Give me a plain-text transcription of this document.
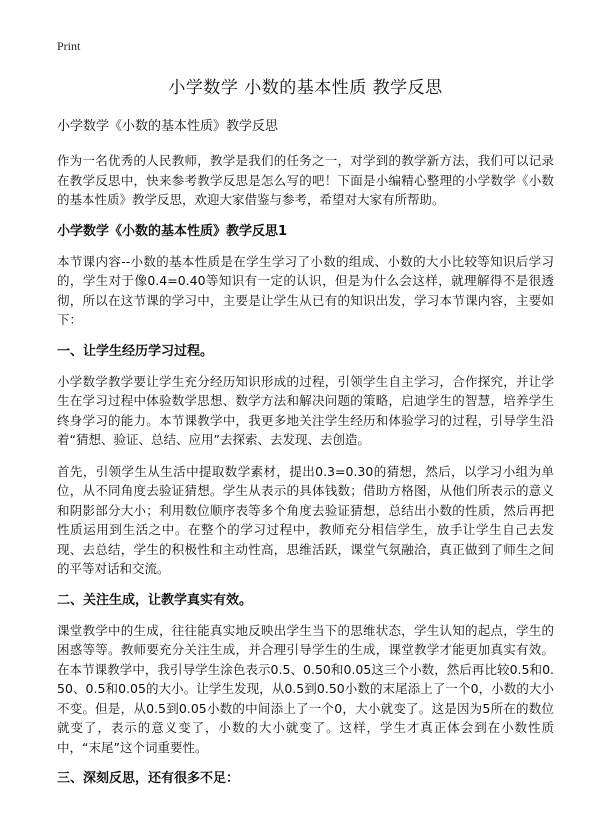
Print
小学数学 小数的基本性质 教学反思
小学数学《小数的基本性质》教学反思

作为一名优秀的人民教师，教学是我们的任务之一，对学到的教学新方法，我们可以记录在教学反思中，快来参考教学反思是怎么写的吧！下面是小编精心整理的小学数学《小数的基本性质》教学反思，欢迎大家借鉴与参考，希望对大家有所帮助。

小学数学《小数的基本性质》教学反思1

本节课内容--小数的基本性质是在学生学习了小数的组成、小数的大小比较等知识后学习的，学生对于像0.4=0.40等知识有一定的认识，但是为什么会这样，就理解得不是很透彻，所以在这节课的学习中，主要是让学生从已有的知识出发，学习本节课内容，主要如下：

一、让学生经历学习过程。

小学数学教学要让学生充分经历知识形成的过程，引领学生自主学习，合作探究，并让学生在学习过程中体验数学思想、数学方法和解决问题的策略，启迪学生的智慧，培养学生终身学习的能力。本节课教学中，我更多地关注学生经历和体验学习的过程，引导学生沿着“猜想、验证、总结、应用”去探索、去发现、去创造。

首先，引领学生从生活中提取数学素材，提出0.3=0.30的猜想，然后，以学习小组为单位，从不同角度去验证猜想。学生从表示的具体钱数；借助方格图，从他们所表示的意义和阴影部分大小；利用数位顺序表等多个角度去验证猜想，总结出小数的性质，然后再把性质运用到生活之中。在整个的学习过程中，教师充分相信学生，放手让学生自己去发现、去总结，学生的积极性和主动性高，思维活跃，课堂气氛融洽，真正做到了师生之间的平等对话和交流。

二、关注生成，让教学真实有效。

课堂教学中的生成，往往能真实地反映出学生当下的思维状态，学生认知的起点，学生的困惑等等。教师要充分关注生成，并合理引导学生的生成，课堂教学才能更加真实有效。在本节课教学中，我引导学生涂色表示0.5、0.50和0.05这三个小数，然后再比较0.5和0.50、0.5和0.05的大小。让学生发现，从0.5到0.50小数的末尾添上了一个0，小数的大小不变。但是，从0.5到0.05小数的中间添上了一个0，大小就变了。这是因为5所在的数位就变了，表示的意义变了，小数的大小就变了。这样，学生才真正体会到在小数性质中，“末尾”这个词重要性。

三、深刻反思，还有很多不足：
